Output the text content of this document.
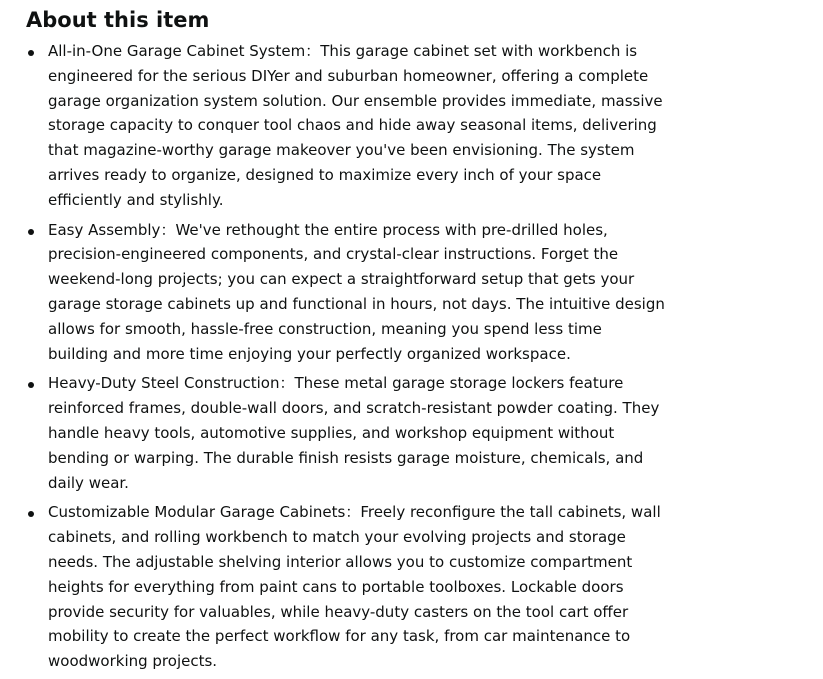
About this item
All-in-One Garage Cabinet System：This garage cabinet set with workbench is engineered for the serious DIYer and suburban homeowner, offering a complete garage organization system solution. Our ensemble provides immediate, massive storage capacity to conquer tool chaos and hide away seasonal items, delivering that magazine-worthy garage makeover you've been envisioning. The system arrives ready to organize, designed to maximize every inch of your space efficiently and stylishly.
Easy Assembly：We've rethought the entire process with pre-drilled holes, precision-engineered components, and crystal-clear instructions. Forget the weekend-long projects; you can expect a straightforward setup that gets your garage storage cabinets up and functional in hours, not days. The intuitive design allows for smooth, hassle-free construction, meaning you spend less time building and more time enjoying your perfectly organized workspace.
Heavy-Duty Steel Construction：These metal garage storage lockers feature reinforced frames, double-wall doors, and scratch-resistant powder coating. They handle heavy tools, automotive supplies, and workshop equipment without bending or warping. The durable finish resists garage moisture, chemicals, and daily wear.
Customizable Modular Garage Cabinets：Freely reconfigure the tall cabinets, wall cabinets, and rolling workbench to match your evolving projects and storage needs. The adjustable shelving interior allows you to customize compartment heights for everything from paint cans to portable toolboxes. Lockable doors provide security for valuables, while heavy-duty casters on the tool cart offer mobility to create the perfect workflow for any task, from car maintenance to woodworking projects.
